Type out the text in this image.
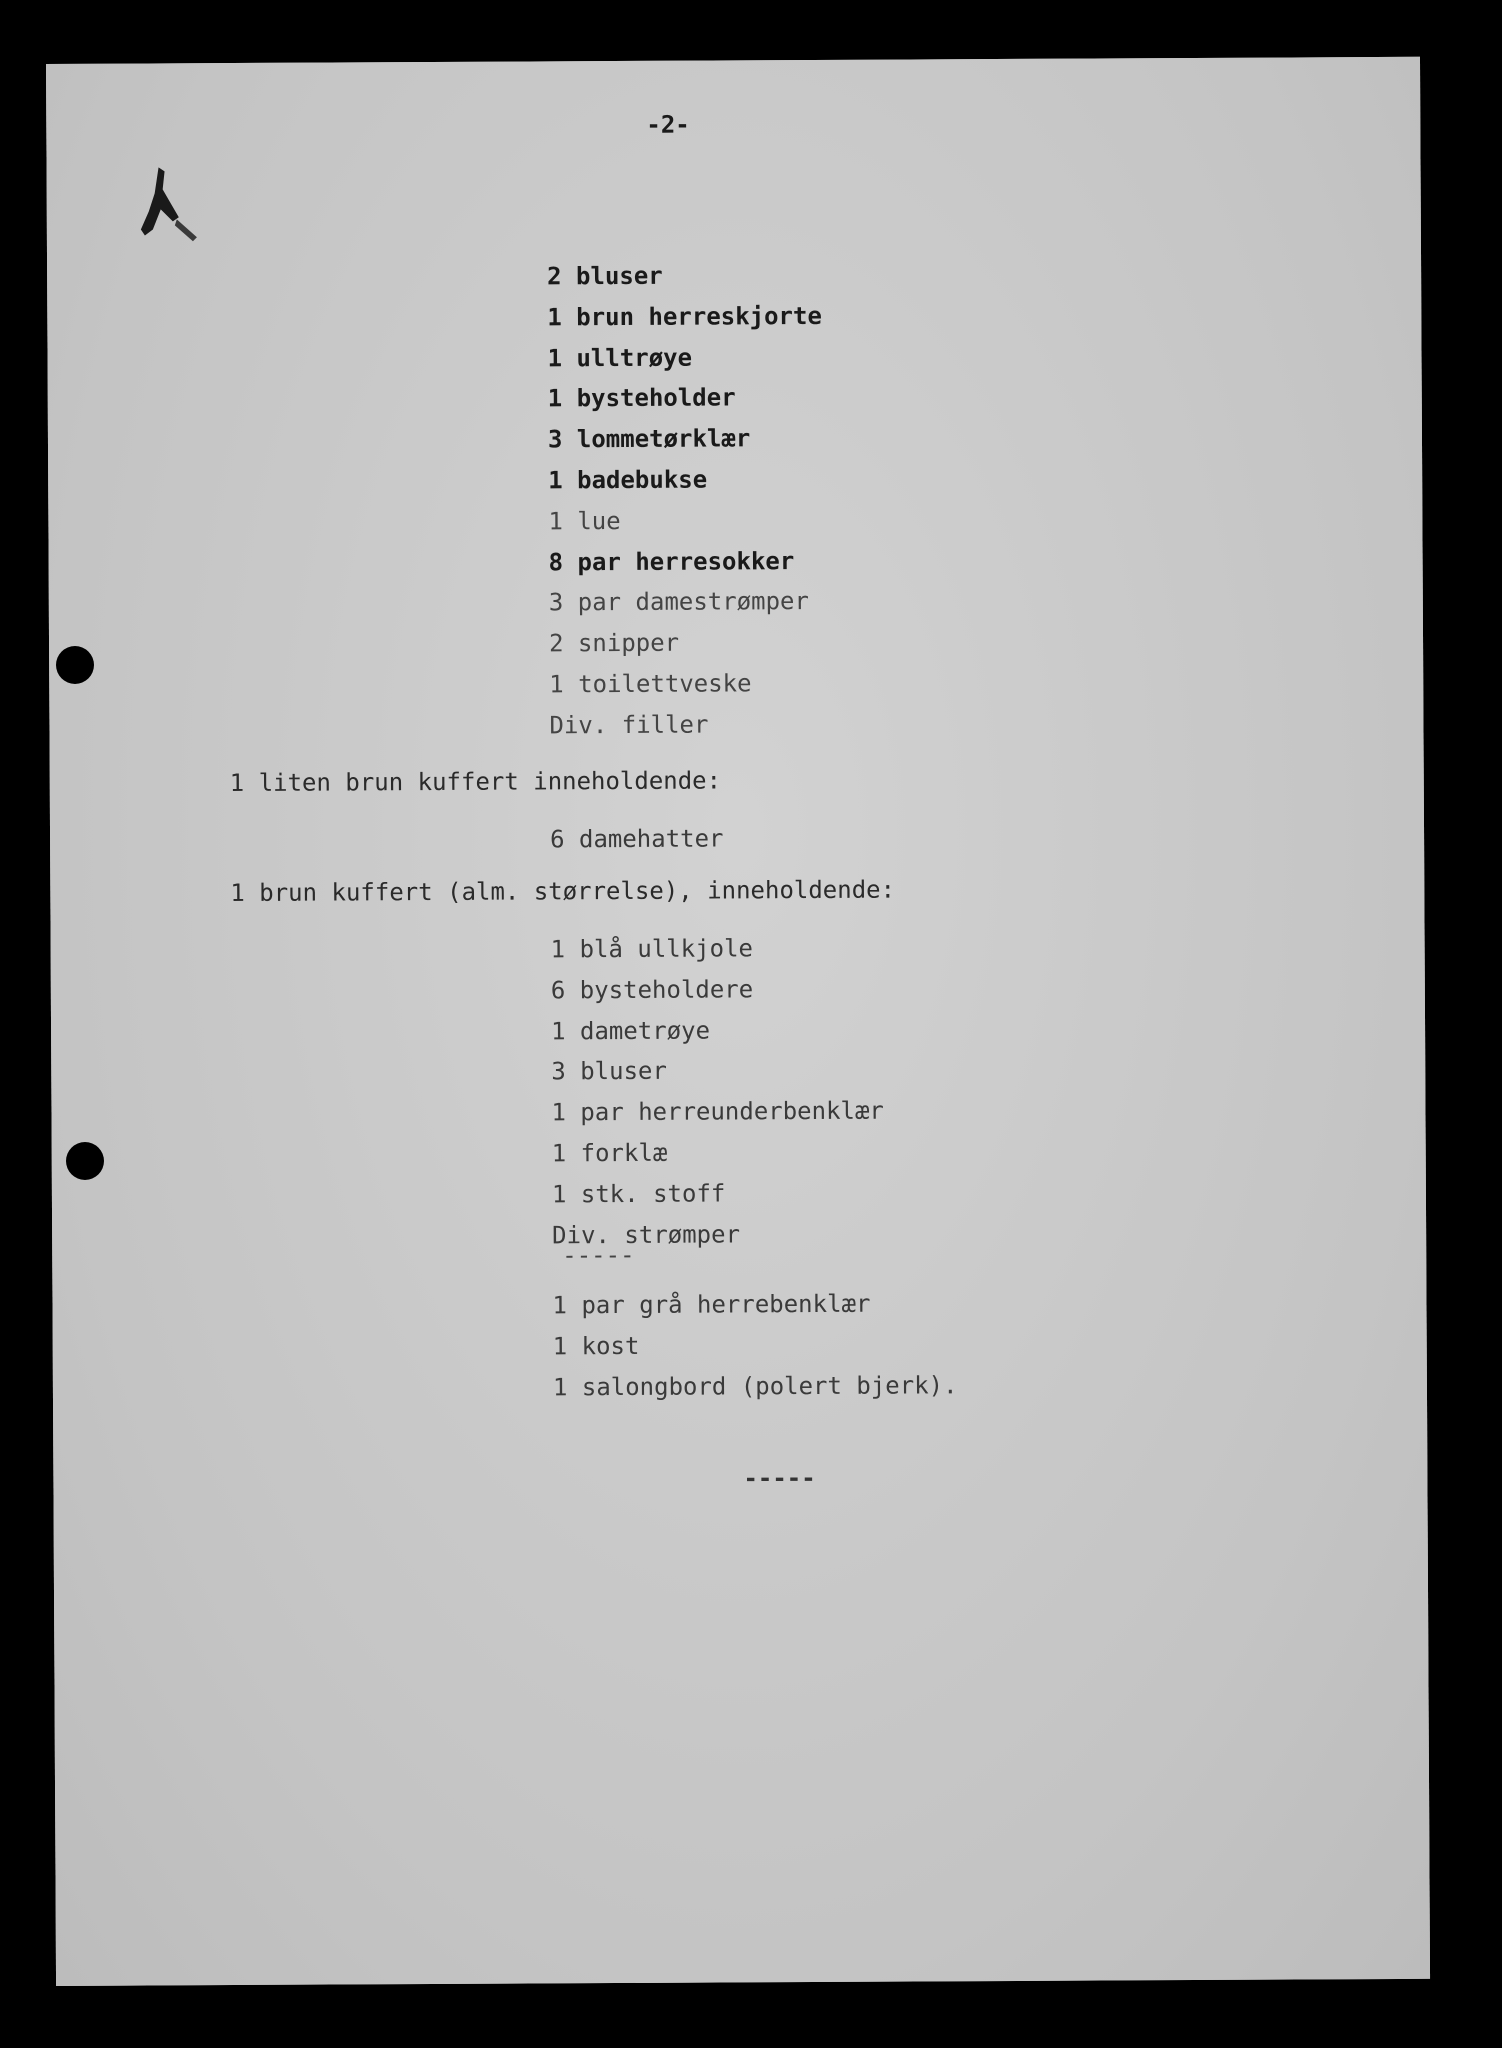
-2-
2 bluser
1 brun herreskjorte
1 ulltrøye
1 bysteholder
3 lommetørklær
1 badebukse
1 lue
8 par herresokker
3 par damestrømper
2 snipper
1 toilettveske
Div. filler
1 liten brun kuffert inneholdende:
6 damehatter
1 brun kuffert (alm. størrelse), inneholdende:
1 blå ullkjole
6 bysteholdere
1 dametrøye
3 bluser
1 par herreunderbenklær
1 forklæ
1 stk. stoff
Div. strømper
-----
1 par grå herrebenklær
1 kost
1 salongbord (polert bjerk).
-----
